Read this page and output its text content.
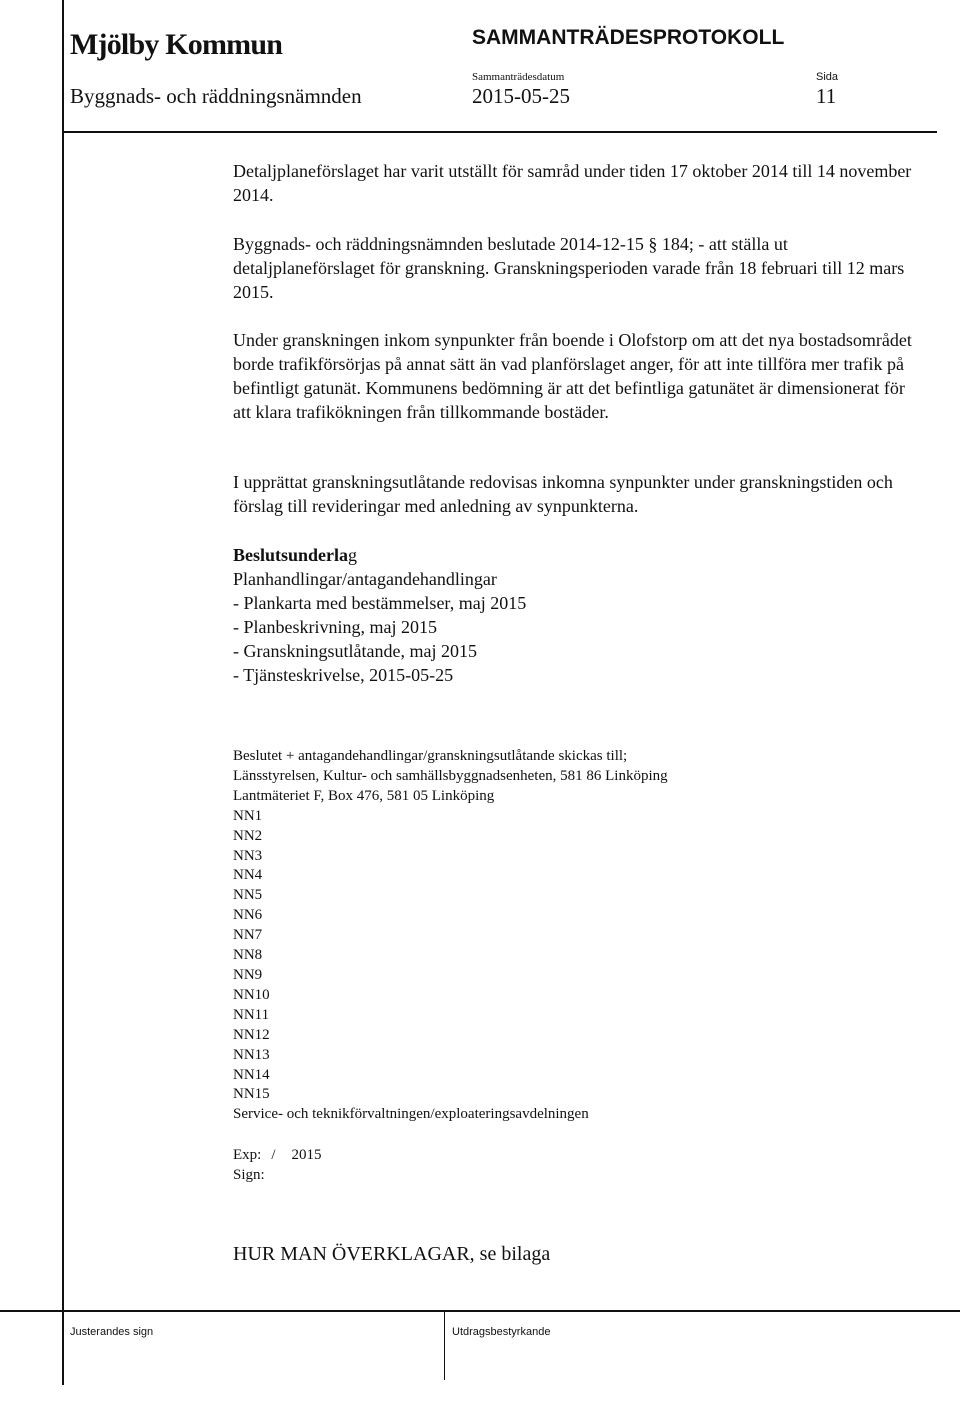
Mjölby Kommun	SAMMANTRÄDESPROTOKOLL
Sammanträdesdatum	Sida
Byggnads- och räddningsnämnden	2015-05-25	11
Detaljplaneförslaget har varit utställt för samråd under tiden 17 oktober 2014 till 14 november 2014.
Byggnads- och räddningsnämnden beslutade 2014-12-15 § 184; - att ställa ut detaljplaneförslaget för granskning. Granskningsperioden varade från 18 februari till 12 mars 2015.
Under granskningen inkom synpunkter från boende i Olofstorp om att det nya bostadsområdet borde trafikförsörjas på annat sätt än vad planförslaget anger, för att inte tillföra mer trafik på befintligt gatunät. Kommunens bedömning är att det befintliga gatunätet är dimensionerat för att klara trafikökningen från tillkommande bostäder.
I upprättat granskningsutlåtande redovisas inkomna synpunkter under granskningstiden och förslag till revideringar med anledning av synpunkterna.
Beslutsunderlag
Planhandlingar/antagandehandlingar
- Plankarta med bestämmelser, maj 2015
- Planbeskrivning, maj 2015
- Granskningsutlåtande, maj 2015
- Tjänsteskrivelse, 2015-05-25
Beslutet + antagandehandlingar/granskningsutlåtande skickas till;
Länsstyrelsen, Kultur- och samhällsbyggnadsenheten, 581 86 Linköping
Lantmäteriet F, Box 476, 581 05 Linköping
NN1
NN2
NN3
NN4
NN5
NN6
NN7
NN8
NN9
NN10
NN11
NN12
NN13
NN14
NN15
Service- och teknikförvaltningen/exploateringsavdelningen
Exp: / 2015
Sign:
HUR MAN ÖVERKLAGAR, se bilaga
Justerandes sign	Utdragsbestyrkande
